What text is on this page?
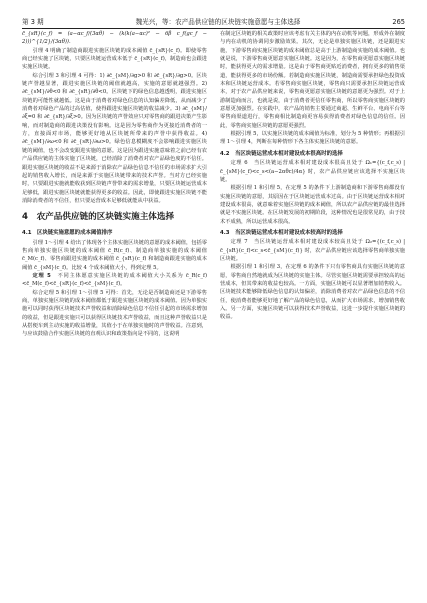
第 3 期	魏光兴，等：农产品供应链的区块链实施意愿与主体选择	265

c̄_{sR}(c_f) = (a−αc_f/(3αθ) − (k(k(a−αc)² − 6β c_f(gc_f − 2)))^{1/2}/(3αθ)).

引理 4 明确了制造商跟进实施区块链的成本阈值 c̄_{sR}(c_f)。即使零售商已经实施了区块链，只要区块链运营成本低于 c̄_{sR}(c_f)，制造商也会跟进实施区块链。

综合引理 3 和引理 4 可得：1) ∂c̄_{sM}/∂g>0 和 ∂c̄_{sR}/∂g>0。区块链声誉越显著，跟进实施区块链的阈值就越高，实施的意愿就越强烈。2) ∂c̄_{sM}/∂θ<0 和 ∂c̄_{sR}/∂θ<0。区块链下的绿色信息越透明，跟进实施区块链的可能性就越低。这是由于消费者对绿色信息的认知偏差降低，从而减少了消费者对绿色产品的过高估值，使得跟进实施区块链的收益减少。3) ∂c̄_{sM}/∂ξ=0 和 ∂c̄_{sR}/∂ξ>0。因为区块链的声誉效应只对零售商的跟进决策产生影响，而对制造商的跟进决策没有影响。这是因为零售商作为更接近消费者的一方，直接面对市场，能够更好地从区块链所带来的声誉中获得收益。4) ∂c̄_{sM}/∂ω<0 和 ∂c̄_{sR}/∂ω>0。绿色信息模糊度不会影响跟进实施区块链的阈值，也不会改变跟进实施的意愿。这是因为跟进实施意味着之前已经有农产品供应链的主体实施了区块链，已经消除了消费者对农产品绿色度的不信任。跟进实施区块链的收益不是来源于消除农产品绿色信息不信任的市场需求扩大引起的销售收入增长，而是来源于实施区块链带来的技术声誉。当对方已经实施时，只要跟进实施就能收获到区块链声誉带来的需求增量，只要区块链运营成本足够低，跟进实施区块链就能获得更多的收益。因此，即使跟进实施区块链不能消除消费者的不信任，但只要运营成本足够低就能从中获益。

4　农产品供应链的区块链实施主体选择
4.1　区块链实施意愿的成本阈值排序

引理 1～引理 4 给出了体现各个主体实施区块链的意愿的成本阈值，包括零售商单独实施区块链的成本阈值 c̄_R(c_f)、制造商单独实施的成本阈值 c̄_M(c_f)、零售商跟进实施的成本阈值 c̄_{sR}(c_f) 和制造商跟进实施的成本阈值 c̄_{sM}(c_f)。比较 4 个成本阈值大小，得到定理 5。

定理 5　 不同主体愿意实施区块链的成本阈值大小关系为 c̄_R(c_f)<c̄_M(c_f)<c̄_{sR}(c_f)<c̄_{sM}(c_f)。

综合定理 5 和引理 1～引理 5 可得：首先，无论是否制造商还是下游零售商，单独实施区块链的成本阈值都低于跟进实施区块链的成本阈值。因为单独实施可以同时获得区块链技术声誉收益和消除绿色信息不信任引起的市场需求增加的收益，但是跟进实施只可以获得区块链技术声誉收益，而且这种声誉收益只是从搭便车到主动实施的收益增量，其值小于在单独实施时的声誉收益。注意到，与应该鼓励合作实施区块链的直观认识和政策指向是不同的，这说明

在制定区块链的相关政策时应该考虑有关主体的内在动机等问题，形成外在制度与内在动机的协调同步激励效果。其次，无论是单独实施区块链，还是跟进实施，下游零售商实施区块链的成本阈值总是高于上游制造商实施的成本阈值。也就是说，下游零售商更愿意实施区块链。这是因为，在零售商更愿意实施区块链时，能获得更大的需求增量。这是由于零售商更贴近消费者，拥有更多的销售渠道，能获得更多的市场份额。若制造商实施区块链，制造商需要承担绿色投资成本和区块链运营成本。若零售商实施区块链，零售商只需要承担区块链运营成本，对于农产品供应链来说，零售商更愿意实施区块链的意愿更为强烈。对于上游制造商而言，也就是说，由于消费者更信任零售商，所以零售商实施区块链的意愿更加强烈。在实践中，农产品的销售主要通过商超、生鲜平台、电商平台等零售商渠道进行，零售商相比制造商更容易获得消费者对绿色信息的信任。因此，零售商实施区块链的意愿更强烈。

根据引理 5，以实施区块链的成本阈值为标准，划分为 5 种情形；再根据引理 1～引理 4，判断在每种情形下各主体实施区块链的意愿。

4.2　当区块链运营成本相对建设成本很高时的选择

定理 6　当区块链运营成本相对建设成本很高且处于 Ω₁={(c_f,c_s) | c̄_{sM}(c_f)<c_s<(a−2αθc)/4α} 时，农产品供应链应该选择不实施区块链。

根据引理 1 和引理 5，在定理 5 的条件下上游制造商和下游零售商都没有实施区块链的意愿，其原因在于区块链运营成本过高。由于区块链运营成本相对建设成本很高，就意味着实施区块链的成本阈值，所以农产品供应链的最佳选择就是不实施区块链。在区块链发展的初期阶段，这种情况也是很常见的，由于技术不成熟，所以运营成本很高。

4.3　当区块链运营成本相对建设成本较高时的选择

定理 7　当区块链运营成本相对建设成本较高且处于 Ω₂={(c_f,c_s) | c̄_{sR}(c_f)<c_s<c̄_{sM}(c_f)} 时，农产品供应链应该选择零售商单独实施区块链。

根据引理 1 和引理 3，在定理 6 的条件下只有零售商具有实施区块链的意愿，零售商自然地就成为区块链的实施主体。尽管实施区块链需要承担较高的运营成本，但其带来的收益也较高。一方面，实施区块链可以显著增加销售收入。区块链技术能够降低绿色信息的认知偏差，消除消费者对农产品绿色信息的不信任，使消费者能够更好地了解产品的绿色信息，从而扩大市场需求，增加销售收入。另一方面，实施区块链可以获得技术声誉收益，这进一步提升实施区块链的收益。
